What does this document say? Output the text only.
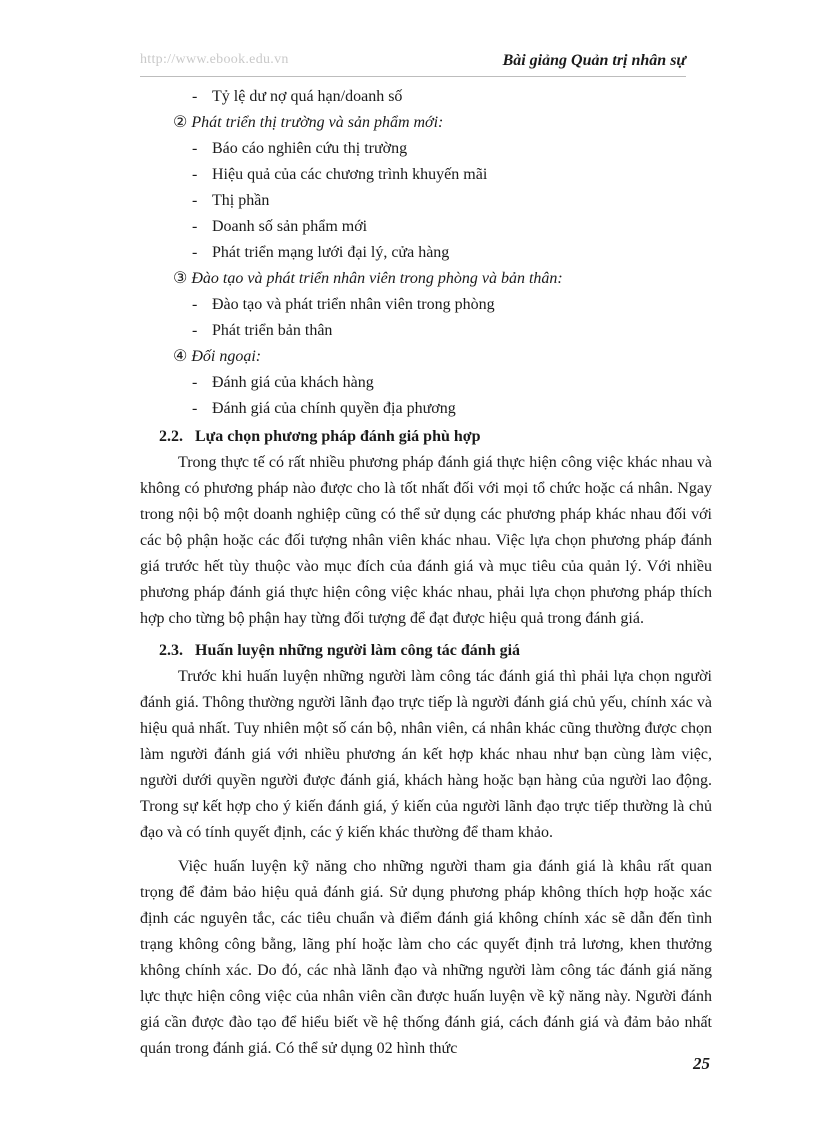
http://www.ebook.edu.vn	Bài giảng Quản trị nhân sự
- Tỷ lệ dư nợ quá hạn/doanh số
② Phát triển thị trường và sản phẩm mới:
- Báo cáo nghiên cứu thị trường
- Hiệu quả của các chương trình khuyến mãi
- Thị phần
- Doanh số sản phẩm mới
- Phát triển mạng lưới đại lý, cửa hàng
③ Đào tạo và phát triển nhân viên trong phòng và bản thân:
- Đào tạo và phát triển nhân viên trong phòng
- Phát triển bản thân
④ Đối ngoại:
- Đánh giá của khách hàng
- Đánh giá của chính quyền địa phương
2.2. Lựa chọn phương pháp đánh giá phù hợp

Trong thực tế có rất nhiều phương pháp đánh giá thực hiện công việc khác nhau và không có phương pháp nào được cho là tốt nhất đối với mọi tổ chức hoặc cá nhân. Ngay trong nội bộ một doanh nghiệp cũng có thể sử dụng các phương pháp khác nhau đối với các bộ phận hoặc các đối tượng nhân viên khác nhau. Việc lựa chọn phương pháp đánh giá trước hết tùy thuộc vào mục đích của đánh giá và mục tiêu của quản lý. Với nhiều phương pháp đánh giá thực hiện công việc khác nhau, phải lựa chọn phương pháp thích hợp cho từng bộ phận hay từng đối tượng để đạt được hiệu quả trong đánh giá.

2.3. Huấn luyện những người làm công tác đánh giá

Trước khi huấn luyện những người làm công tác đánh giá thì phải lựa chọn người đánh giá. Thông thường người lãnh đạo trực tiếp là người đánh giá chủ yếu, chính xác và hiệu quả nhất. Tuy nhiên một số cán bộ, nhân viên, cá nhân khác cũng thường được chọn làm người đánh giá với nhiều phương án kết hợp khác nhau như bạn cùng làm việc, người dưới quyền người được đánh giá, khách hàng hoặc bạn hàng của người lao động. Trong sự kết hợp cho ý kiến đánh giá, ý kiến của người lãnh đạo trực tiếp thường là chủ đạo và có tính quyết định, các ý kiến khác thường để tham khảo.

Việc huấn luyện kỹ năng cho những người tham gia đánh giá là khâu rất quan trọng để đảm bảo hiệu quả đánh giá. Sử dụng phương pháp không thích hợp hoặc xác định các nguyên tắc, các tiêu chuẩn và điểm đánh giá không chính xác sẽ dẫn đến tình trạng không công bằng, lãng phí hoặc làm cho các quyết định trả lương, khen thưởng không chính xác. Do đó, các nhà lãnh đạo và những người làm công tác đánh giá năng lực thực hiện công việc của nhân viên cần được huấn luyện về kỹ năng này. Người đánh giá cần được đào tạo để hiểu biết về hệ thống đánh giá, cách đánh giá và đảm bảo nhất quán trong đánh giá. Có thể sử dụng 02 hình thức

25
